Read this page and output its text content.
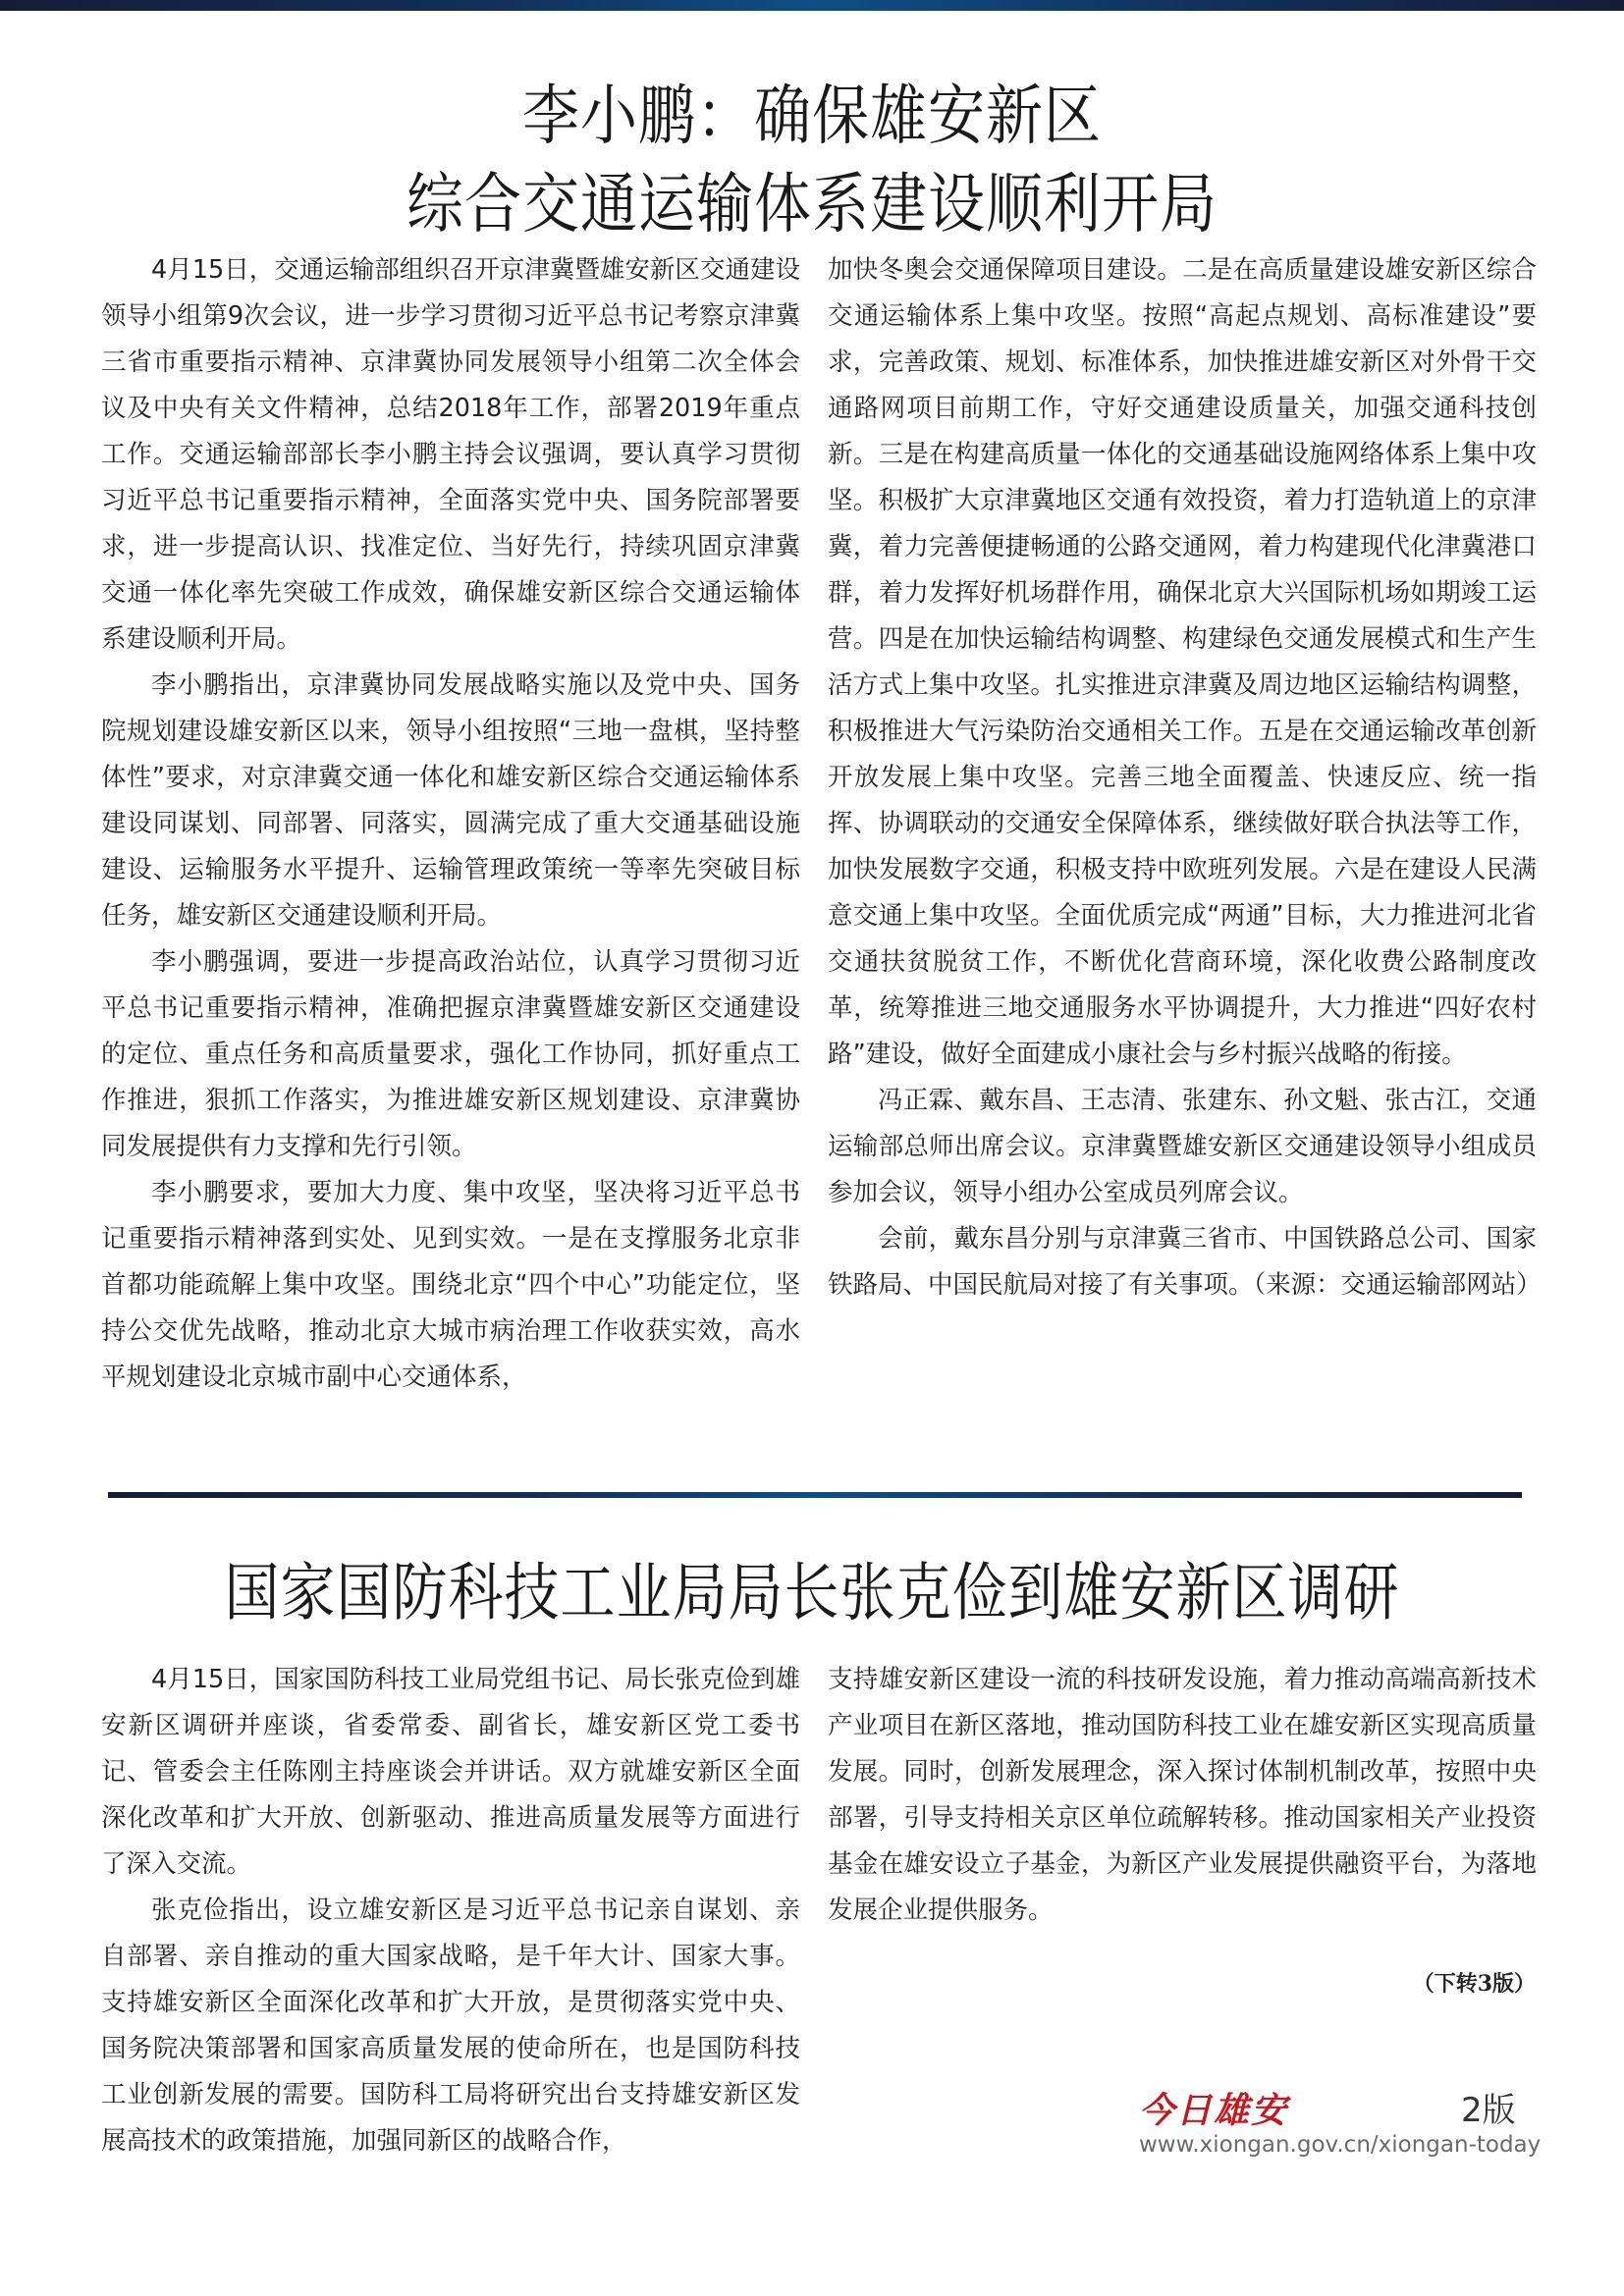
李小鹏：确保雄安新区
综合交通运输体系建设顺利开局

4月15日，交通运输部组织召开京津冀暨雄安新区交通建设领导小组第9次会议，进一步学习贯彻习近平总书记考察京津冀三省市重要指示精神、京津冀协同发展领导小组第二次全体会议及中央有关文件精神，总结2018年工作，部署2019年重点工作。交通运输部部长李小鹏主持会议强调，要认真学习贯彻习近平总书记重要指示精神，全面落实党中央、国务院部署要求，进一步提高认识、找准定位、当好先行，持续巩固京津冀交通一体化率先突破工作成效，确保雄安新区综合交通运输体系建设顺利开局。

李小鹏指出，京津冀协同发展战略实施以及党中央、国务院规划建设雄安新区以来，领导小组按照“三地一盘棋，坚持整体性”要求，对京津冀交通一体化和雄安新区综合交通运输体系建设同谋划、同部署、同落实，圆满完成了重大交通基础设施建设、运输服务水平提升、运输管理政策统一等率先突破目标任务，雄安新区交通建设顺利开局。

李小鹏强调，要进一步提高政治站位，认真学习贯彻习近平总书记重要指示精神，准确把握京津冀暨雄安新区交通建设的定位、重点任务和高质量要求，强化工作协同，抓好重点工作推进，狠抓工作落实，为推进雄安新区规划建设、京津冀协同发展提供有力支撑和先行引领。

李小鹏要求，要加大力度、集中攻坚，坚决将习近平总书记重要指示精神落到实处、见到实效。一是在支撑服务北京非首都功能疏解上集中攻坚。围绕北京“四个中心”功能定位，坚持公交优先战略，推动北京大城市病治理工作收获实效，高水平规划建设北京城市副中心交通体系，

加快冬奥会交通保障项目建设。二是在高质量建设雄安新区综合交通运输体系上集中攻坚。按照“高起点规划、高标准建设”要求，完善政策、规划、标准体系，加快推进雄安新区对外骨干交通路网项目前期工作，守好交通建设质量关，加强交通科技创新。三是在构建高质量一体化的交通基础设施网络体系上集中攻坚。积极扩大京津冀地区交通有效投资，着力打造轨道上的京津冀，着力完善便捷畅通的公路交通网，着力构建现代化津冀港口群，着力发挥好机场群作用，确保北京大兴国际机场如期竣工运营。四是在加快运输结构调整、构建绿色交通发展模式和生产生活方式上集中攻坚。扎实推进京津冀及周边地区运输结构调整，积极推进大气污染防治交通相关工作。五是在交通运输改革创新开放发展上集中攻坚。完善三地全面覆盖、快速反应、统一指挥、协调联动的交通安全保障体系，继续做好联合执法等工作，加快发展数字交通，积极支持中欧班列发展。六是在建设人民满意交通上集中攻坚。全面优质完成“两通”目标，大力推进河北省交通扶贫脱贫工作，不断优化营商环境，深化收费公路制度改革，统筹推进三地交通服务水平协调提升，大力推进“四好农村路”建设，做好全面建成小康社会与乡村振兴战略的衔接。

冯正霖、戴东昌、王志清、张建东、孙文魁、张古江，交通运输部总师出席会议。京津冀暨雄安新区交通建设领导小组成员参加会议，领导小组办公室成员列席会议。

会前，戴东昌分别与京津冀三省市、中国铁路总公司、国家铁路局、中国民航局对接了有关事项。（来源：交通运输部网站）

国家国防科技工业局局长张克俭到雄安新区调研

4月15日，国家国防科技工业局党组书记、局长张克俭到雄安新区调研并座谈，省委常委、副省长，雄安新区党工委书记、管委会主任陈刚主持座谈会并讲话。双方就雄安新区全面深化改革和扩大开放、创新驱动、推进高质量发展等方面进行了深入交流。

张克俭指出，设立雄安新区是习近平总书记亲自谋划、亲自部署、亲自推动的重大国家战略，是千年大计、国家大事。支持雄安新区全面深化改革和扩大开放，是贯彻落实党中央、国务院决策部署和国家高质量发展的使命所在，也是国防科技工业创新发展的需要。国防科工局将研究出台支持雄安新区发展高技术的政策措施，加强同新区的战略合作，

支持雄安新区建设一流的科技研发设施，着力推动高端高新技术产业项目在新区落地，推动国防科技工业在雄安新区实现高质量发展。同时，创新发展理念，深入探讨体制机制改革，按照中央部署，引导支持相关京区单位疏解转移。推动国家相关产业投资基金在雄安设立子基金，为新区产业发展提供融资平台，为落地发展企业提供服务。

（下转3版）
今日雄安	2版
www.xiongan.gov.cn/xiongan-today
